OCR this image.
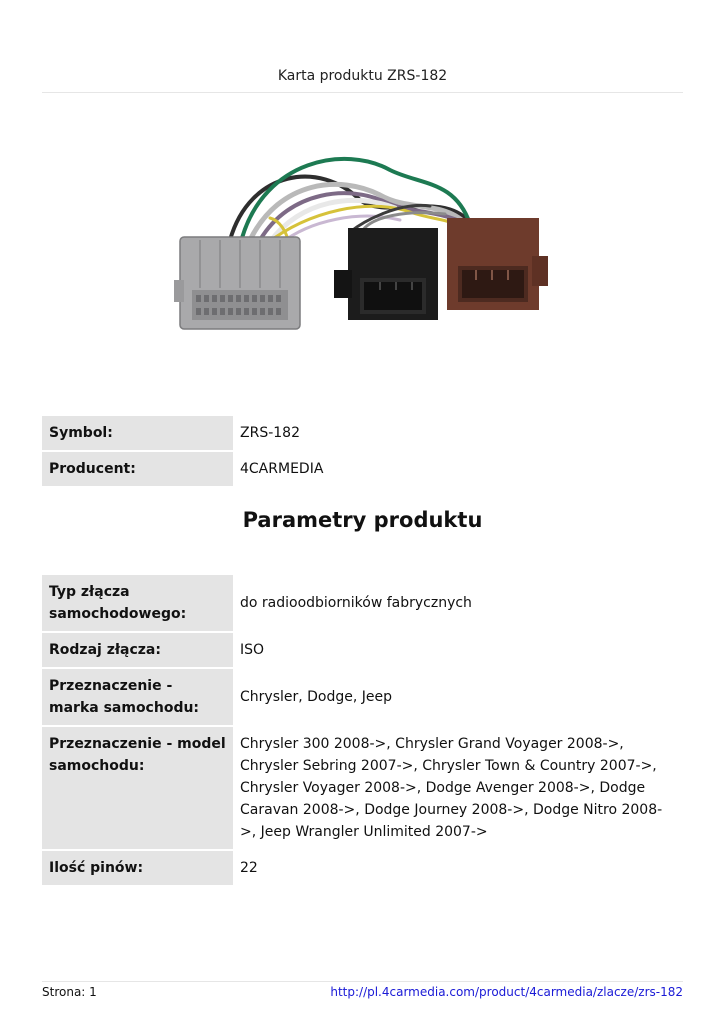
Karta produktu ZRS-182
Symbol:	ZRS-182
Producent:	4CARMEDIA
Parametry produktu
Typ złącza samochodowego:	do radioodbiorników fabrycznych
Rodzaj złącza:	ISO
Przeznaczenie - marka samochodu:	Chrysler, Dodge, Jeep
Przeznaczenie - model samochodu:	Chrysler 300 2008->, Chrysler Grand Voyager 2008->, Chrysler Sebring 2007->, Chrysler Town & Country 2007->, Chrysler Voyager 2008->, Dodge Avenger 2008->, Dodge Caravan 2008->, Dodge Journey 2008->, Dodge Nitro 2008->, Jeep Wrangler Unlimited 2007->
Ilość pinów:	22
Strona: 1	http://pl.4carmedia.com/product/4carmedia/zlacze/zrs-182
